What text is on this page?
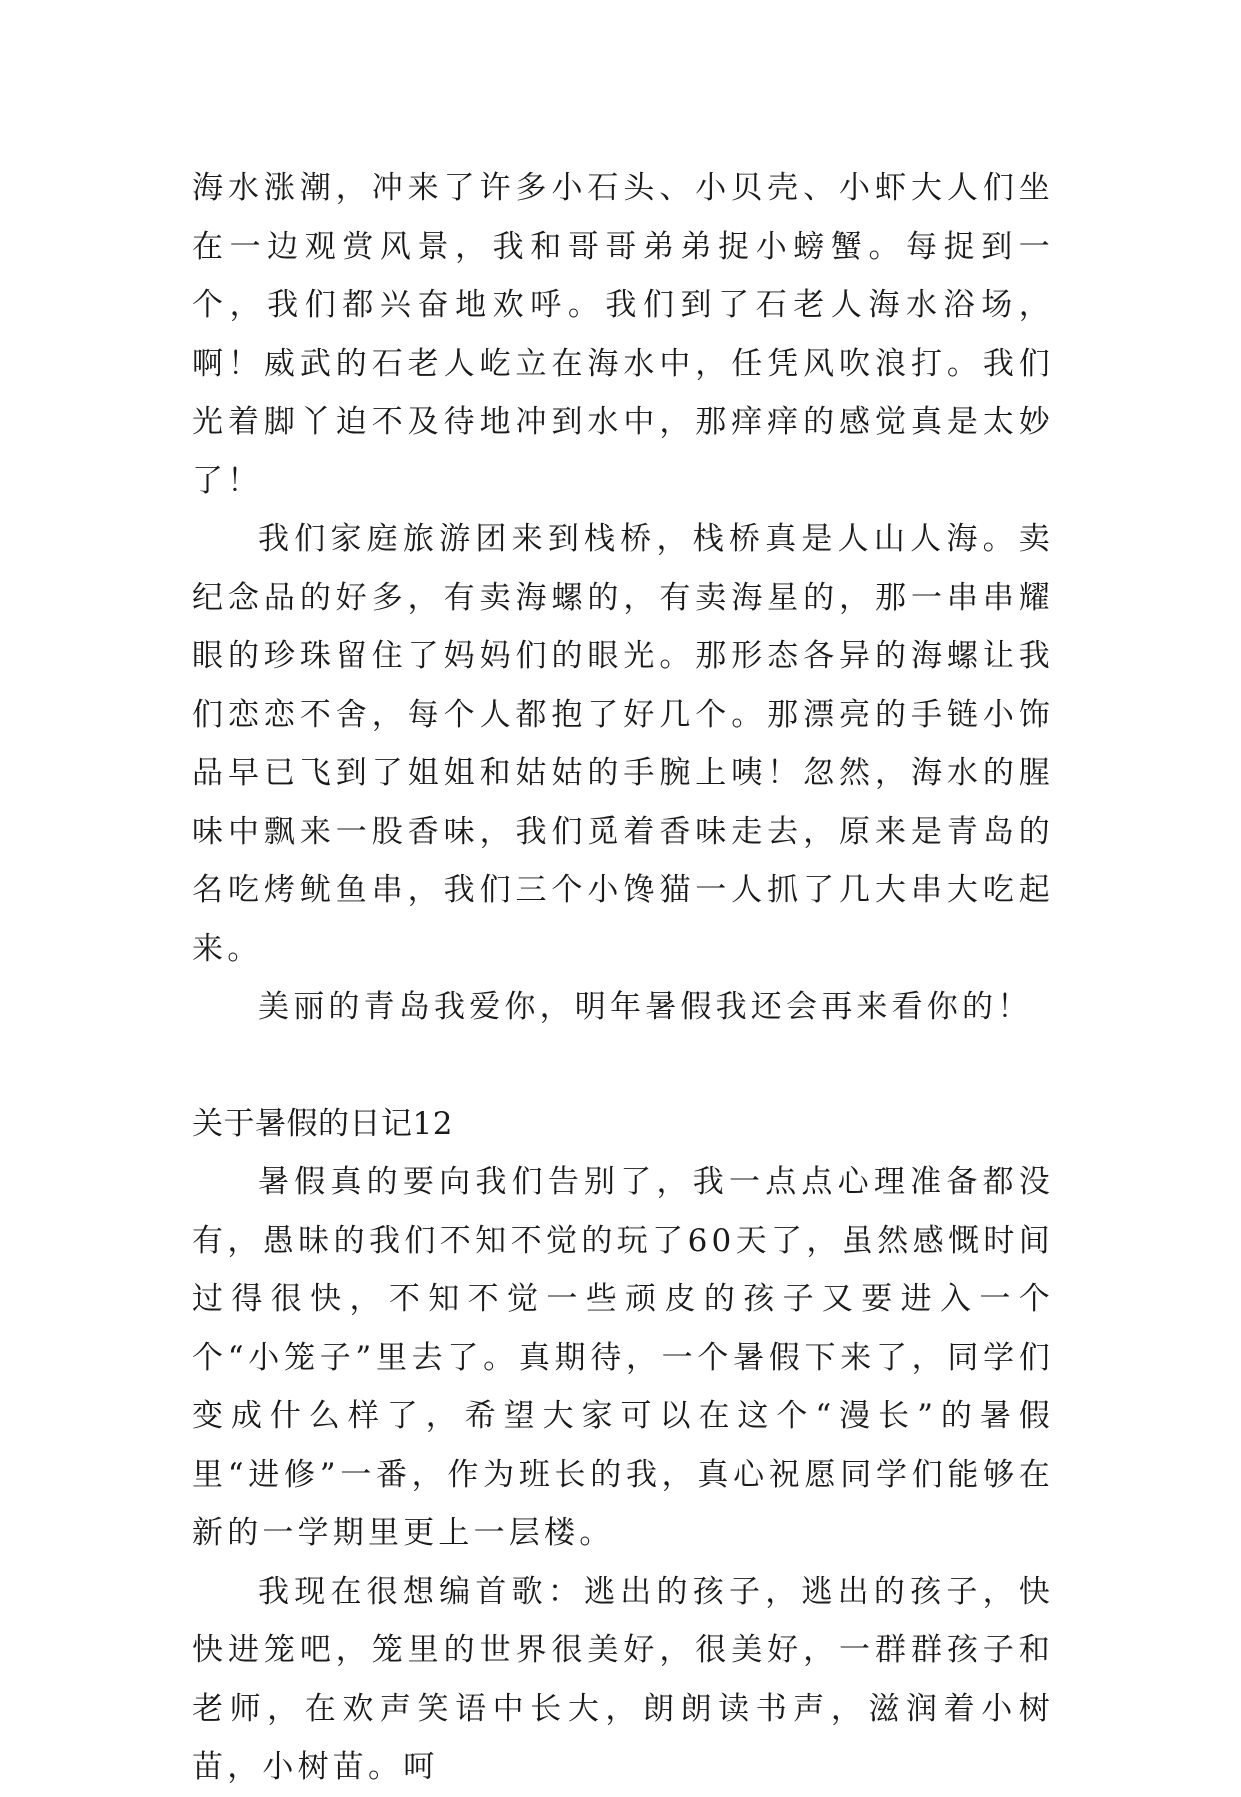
海水涨潮，冲来了许多小石头、小贝壳、小虾大人们坐在一边观赏风景，我和哥哥弟弟捉小螃蟹。每捉到一个，我们都兴奋地欢呼。我们到了石老人海水浴场，啊！威武的石老人屹立在海水中，任凭风吹浪打。我们光着脚丫迫不及待地冲到水中，那痒痒的感觉真是太妙了！

我们家庭旅游团来到栈桥，栈桥真是人山人海。卖纪念品的好多，有卖海螺的，有卖海星的，那一串串耀眼的珍珠留住了妈妈们的眼光。那形态各异的海螺让我们恋恋不舍，每个人都抱了好几个。那漂亮的手链小饰品早已飞到了姐姐和姑姑的手腕上咦！忽然，海水的腥味中飘来一股香味，我们觅着香味走去，原来是青岛的名吃烤鱿鱼串，我们三个小馋猫一人抓了几大串大吃起来。

美丽的青岛我爱你，明年暑假我还会再来看你的！

关于暑假的日记12

暑假真的要向我们告别了，我一点点心理准备都没有，愚昧的我们不知不觉的玩了60天了，虽然感慨时间过得很快，不知不觉一些顽皮的孩子又要进入一个个“小笼子”里去了。真期待，一个暑假下来了，同学们变成什么样了，希望大家可以在这个“漫长”的暑假里“进修”一番，作为班长的我，真心祝愿同学们能够在新的一学期里更上一层楼。

我现在很想编首歌：逃出的孩子，逃出的孩子，快快进笼吧，笼里的世界很美好，很美好，一群群孩子和老师，在欢声笑语中长大，朗朗读书声，滋润着小树苗，小树苗。呵
